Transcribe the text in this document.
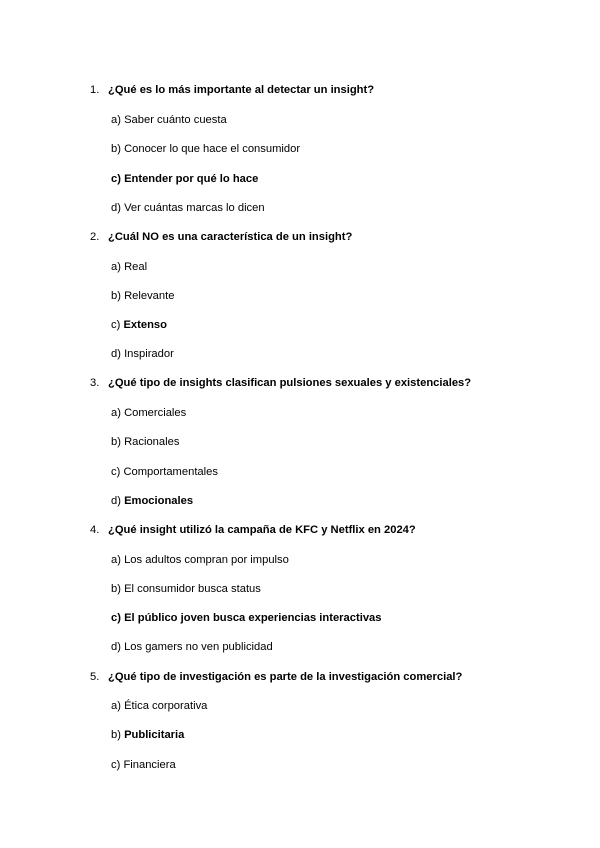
1. ¿Qué es lo más importante al detectar un insight?
a) Saber cuánto cuesta
b) Conocer lo que hace el consumidor
c) Entender por qué lo hace
d) Ver cuántas marcas lo dicen
2. ¿Cuál NO es una característica de un insight?
a) Real
b) Relevante
c) Extenso
d) Inspirador
3. ¿Qué tipo de insights clasifican pulsiones sexuales y existenciales?
a) Comerciales
b) Racionales
c) Comportamentales
d) Emocionales
4. ¿Qué insight utilizó la campaña de KFC y Netflix en 2024?
a) Los adultos compran por impulso
b) El consumidor busca status
c) El público joven busca experiencias interactivas
d) Los gamers no ven publicidad
5. ¿Qué tipo de investigación es parte de la investigación comercial?
a) Ética corporativa
b) Publicitaria
c) Financiera
